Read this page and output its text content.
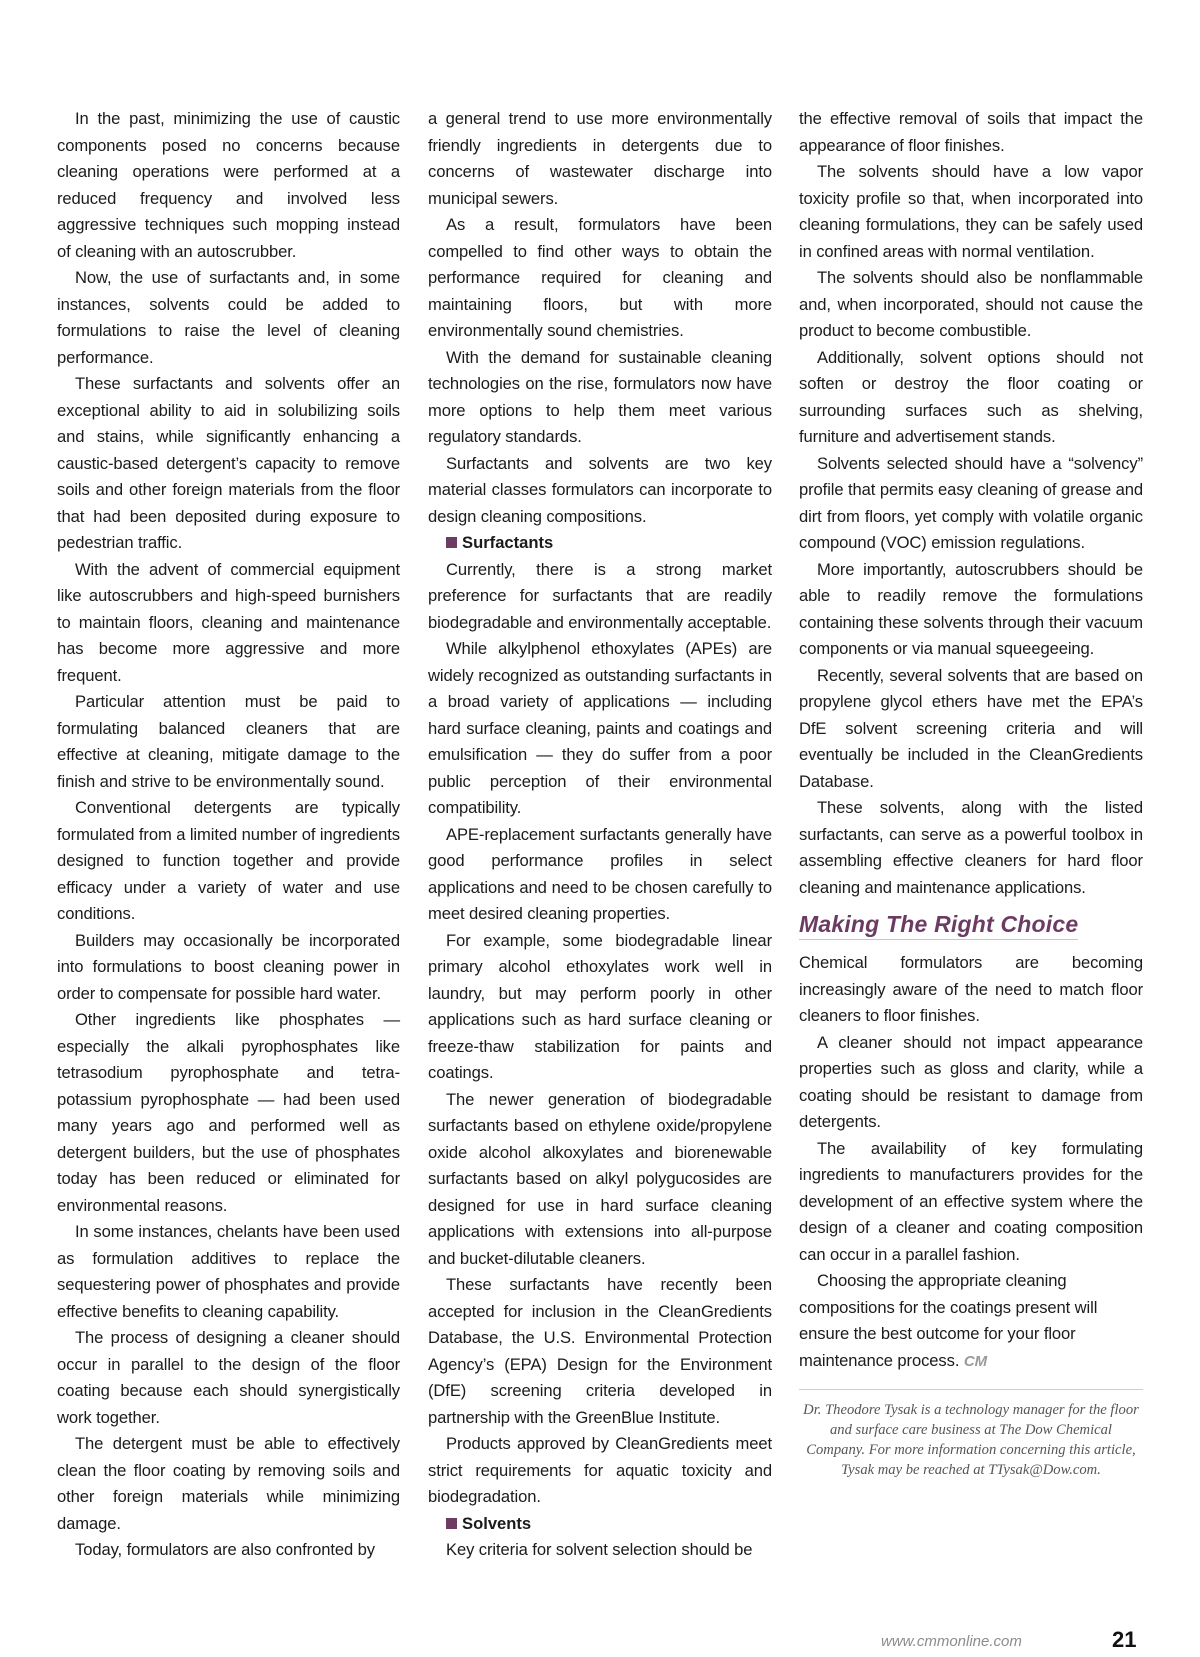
In the past, minimizing the use of caustic components posed no concerns because cleaning operations were performed at a reduced frequency and involved less aggressive techniques such mopping instead of cleaning with an autoscrubber.

Now, the use of surfactants and, in some instances, solvents could be added to formulations to raise the level of cleaning performance.

These surfactants and solvents offer an exceptional ability to aid in solubilizing soils and stains, while significantly enhancing a caustic-based detergent’s capacity to remove soils and other foreign materials from the floor that had been deposited during exposure to pedestrian traffic.

With the advent of commercial equipment like autoscrubbers and high-speed burnishers to maintain floors, cleaning and maintenance has become more aggressive and more frequent.

Particular attention must be paid to formulating balanced cleaners that are effective at cleaning, mitigate damage to the finish and strive to be environmentally sound.

Conventional detergents are typically formulated from a limited number of ingredients designed to function together and provide efficacy under a variety of water and use conditions.

Builders may occasionally be incorporated into formulations to boost cleaning power in order to compensate for possible hard water.

Other ingredients like phosphates — especially the alkali pyrophosphates like tetrasodium pyrophosphate and tetra-potassium pyrophosphate — had been used many years ago and performed well as detergent builders, but the use of phosphates today has been reduced or eliminated for environmental reasons.

In some instances, chelants have been used as formulation additives to replace the sequestering power of phosphates and provide effective benefits to cleaning capability.

The process of designing a cleaner should occur in parallel to the design of the floor coating because each should synergistically work together.

The detergent must be able to effectively clean the floor coating by removing soils and other foreign materials while minimizing damage.

Today, formulators are also confronted by

a general trend to use more environmentally friendly ingredients in detergents due to concerns of wastewater discharge into municipal sewers.

As a result, formulators have been compelled to find other ways to obtain the performance required for cleaning and maintaining floors, but with more environmentally sound chemistries.

With the demand for sustainable cleaning technologies on the rise, formulators now have more options to help them meet various regulatory standards.

Surfactants and solvents are two key material classes formulators can incorporate to design cleaning compositions.

Surfactants

Currently, there is a strong market preference for surfactants that are readily biodegradable and environmentally acceptable.

While alkylphenol ethoxylates (APEs) are widely recognized as outstanding surfactants in a broad variety of applications — including hard surface cleaning, paints and coatings and emulsification — they do suffer from a poor public perception of their environmental compatibility.

APE-replacement surfactants generally have good performance profiles in select applications and need to be chosen carefully to meet desired cleaning properties.

For example, some biodegradable linear primary alcohol ethoxylates work well in laundry, but may perform poorly in other applications such as hard surface cleaning or freeze-thaw stabilization for paints and coatings.

The newer generation of biodegradable surfactants based on ethylene oxide/propylene oxide alcohol alkoxylates and biorenewable surfactants based on alkyl polygucosides are designed for use in hard surface cleaning applications with extensions into all-purpose and bucket-dilutable cleaners.

These surfactants have recently been accepted for inclusion in the CleanGredients Database, the U.S. Environmental Protection Agency’s (EPA) Design for the Environment (DfE) screening criteria developed in partnership with the GreenBlue Institute.

Products approved by CleanGredients meet strict requirements for aquatic toxicity and biodegradation.

Solvents

Key criteria for solvent selection should be

the effective removal of soils that impact the appearance of floor finishes.

The solvents should have a low vapor toxicity profile so that, when incorporated into cleaning formulations, they can be safely used in confined areas with normal ventilation.

The solvents should also be nonflammable and, when incorporated, should not cause the product to become combustible.

Additionally, solvent options should not soften or destroy the floor coating or surrounding surfaces such as shelving, furniture and advertisement stands.

Solvents selected should have a “solvency” profile that permits easy cleaning of grease and dirt from floors, yet comply with volatile organic compound (VOC) emission regulations.

More importantly, autoscrubbers should be able to readily remove the formulations containing these solvents through their vacuum components or via manual squeegeeing.

Recently, several solvents that are based on propylene glycol ethers have met the EPA’s DfE solvent screening criteria and will eventually be included in the CleanGredients Database.

These solvents, along with the listed surfactants, can serve as a powerful toolbox in assembling effective cleaners for hard floor cleaning and maintenance applications.

Making The Right Choice

Chemical formulators are becoming increasingly aware of the need to match floor cleaners to floor finishes.

A cleaner should not impact appearance properties such as gloss and clarity, while a coating should be resistant to damage from detergents.

The availability of key formulating ingredients to manufacturers provides for the development of an effective system where the design of a cleaner and coating composition can occur in a parallel fashion.

Choosing the appropriate cleaning compositions for the coatings present will ensure the best outcome for your floor maintenance process. CM

Dr. Theodore Tysak is a technology manager for the floor and surface care business at The Dow Chemical Company. For more information concerning this article, Tysak may be reached at TTysak@Dow.com.
www.cmmonline.com	21
